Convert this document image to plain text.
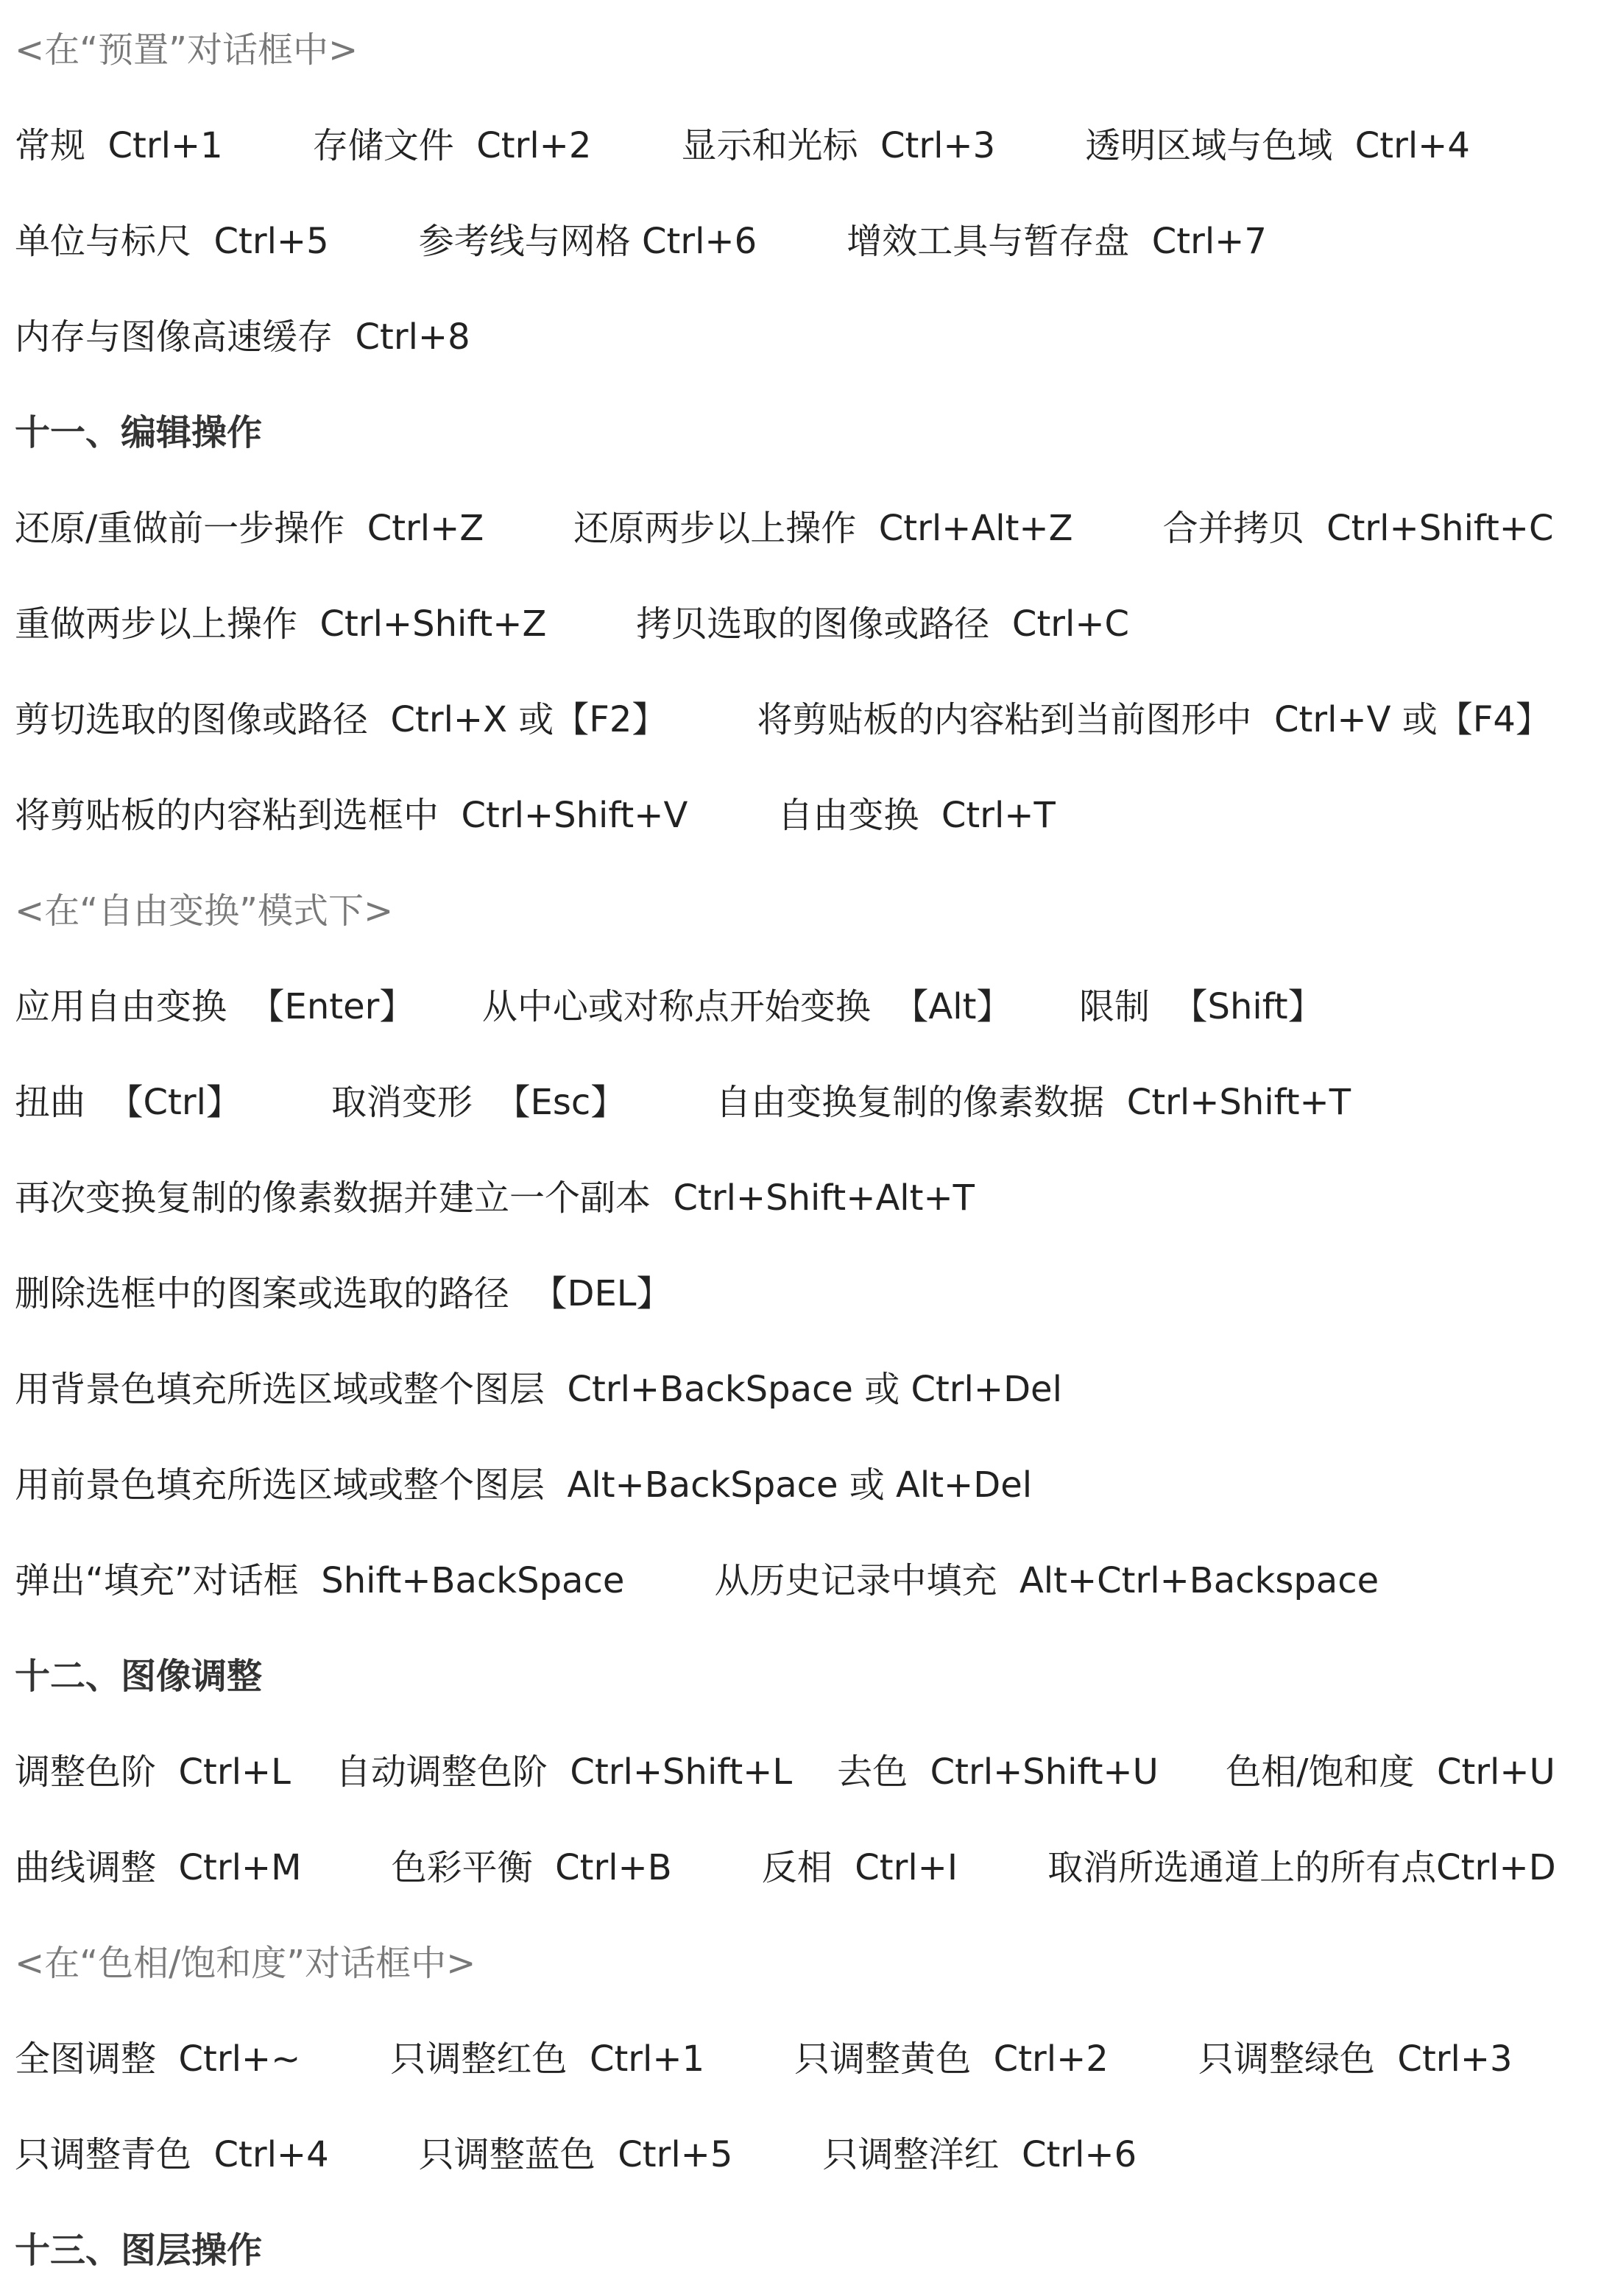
<在“预置”对话框中>
常规  Ctrl+1        存储文件  Ctrl+2        显示和光标  Ctrl+3        透明区域与色域  Ctrl+4
单位与标尺  Ctrl+5        参考线与网格 Ctrl+6        增效工具与暂存盘  Ctrl+7
内存与图像高速缓存  Ctrl+8
十一、编辑操作
还原/重做前一步操作  Ctrl+Z        还原两步以上操作  Ctrl+Alt+Z        合并拷贝  Ctrl+Shift+C
重做两步以上操作  Ctrl+Shift+Z        拷贝选取的图像或路径  Ctrl+C
剪切选取的图像或路径  Ctrl+X 或【F2】        将剪贴板的内容粘到当前图形中  Ctrl+V 或【F4】
将剪贴板的内容粘到选框中  Ctrl+Shift+V        自由变换  Ctrl+T
<在“自由变换”模式下>
应用自由变换  【Enter】      从中心或对称点开始变换  【Alt】      限制  【Shift】
扭曲  【Ctrl】        取消变形  【Esc】        自由变换复制的像素数据  Ctrl+Shift+T
再次变换复制的像素数据并建立一个副本  Ctrl+Shift+Alt+T
删除选框中的图案或选取的路径  【DEL】
用背景色填充所选区域或整个图层  Ctrl+BackSpace 或 Ctrl+Del
用前景色填充所选区域或整个图层  Alt+BackSpace 或 Alt+Del
弹出“填充”对话框  Shift+BackSpace        从历史记录中填充  Alt+Ctrl+Backspace
十二、图像调整
调整色阶  Ctrl+L    自动调整色阶  Ctrl+Shift+L    去色  Ctrl+Shift+U      色相/饱和度  Ctrl+U
曲线调整  Ctrl+M        色彩平衡  Ctrl+B        反相  Ctrl+I        取消所选通道上的所有点Ctrl+D
<在“色相/饱和度”对话框中>
全图调整  Ctrl+~        只调整红色  Ctrl+1        只调整黄色  Ctrl+2        只调整绿色  Ctrl+3
只调整青色  Ctrl+4        只调整蓝色  Ctrl+5        只调整洋红  Ctrl+6
十三、图层操作
